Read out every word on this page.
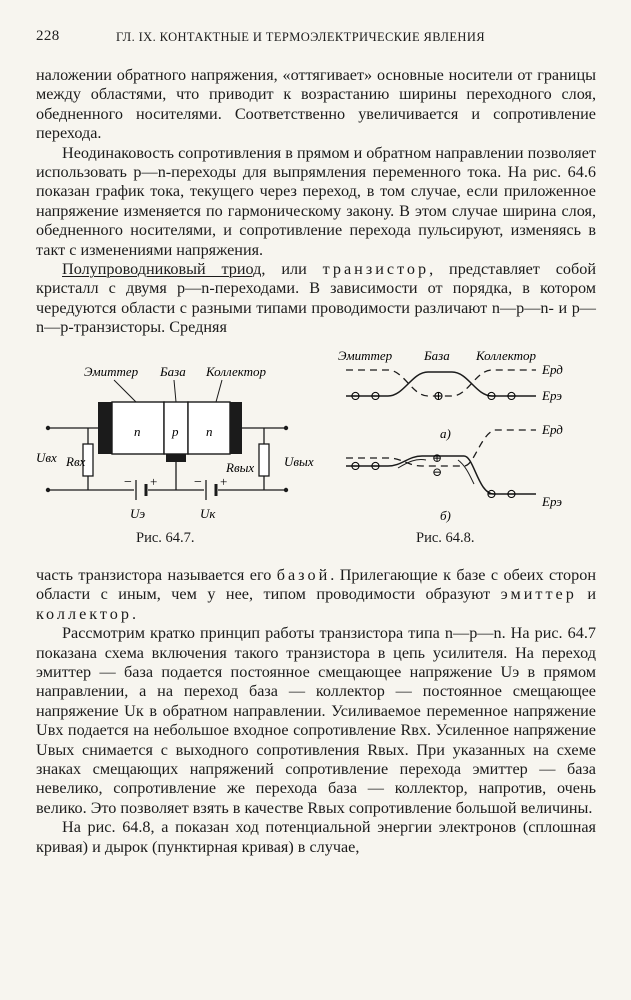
228	ГЛ. IX. КОНТАКТНЫЕ И ТЕРМОЭЛЕКТРИЧЕСКИЕ ЯВЛЕНИЯ

наложении обратного напряжения, «оттягивает» основные носители от границы между областями, что приводит к возрастанию ширины переходного слоя, обедненного носителями. Соответственно увеличивается и сопротивление перехода.

Неодинаковость сопротивления в прямом и обратном направлении позволяет использовать p—n-переходы для выпрямления переменного тока. На рис. 64.6 показан график тока, текущего через переход, в том случае, если приложенное напряжение изменяется по гармоническому закону. В этом случае ширина слоя, обедненного носителями, и сопротивление перехода пульсируют, изменяясь в такт с изменениями напряжения.

Полупроводниковый триод, или транзистор, представляет собой кристалл с двумя p—n-переходами. В зависимости от порядка, в котором чередуются области с разными типами проводимости различают n—p—n- и p—n—p-транзисторы. Средняя

Эмиттер База Коллектор
n p n
− +	− +
Uвх Rвх	Rвых Uвых
Uэ	Uк
Рис. 64.7.
Эмиттер База Коллектор
⊖ ⊖	⊕	⊖ ⊖
Ерд
Ерэ
а)
⊖ ⊖	⊕
⊖
⊖ ⊖
Ерд
Ерэ
б)
Рис. 64.8.

часть транзистора называется его базой. Прилегающие к базе с обеих сторон области с иным, чем у нее, типом проводимости образуют эмиттер и коллектор.

Рассмотрим кратко принцип работы транзистора типа n—p—n. На рис. 64.7 показана схема включения такого транзистора в цепь усилителя. На переход эмиттер — база подается постоянное смещающее напряжение Uэ в прямом направлении, а на переход база — коллектор — постоянное смещающее напряжение Uк в обратном направлении. Усиливаемое переменное напряжение Uвх подается на небольшое входное сопротивление Rвх. Усиленное напряжение Uвых снимается с выходного сопротивления Rвых. При указанных на схеме знаках смещающих напряжений сопротивление перехода эмиттер — база невелико, сопротивление же перехода база — коллектор, напротив, очень велико. Это позволяет взять в качестве Rвых сопротивление большой величины.

На рис. 64.8, а показан ход потенциальной энергии электронов (сплошная кривая) и дырок (пунктирная кривая) в случае,
